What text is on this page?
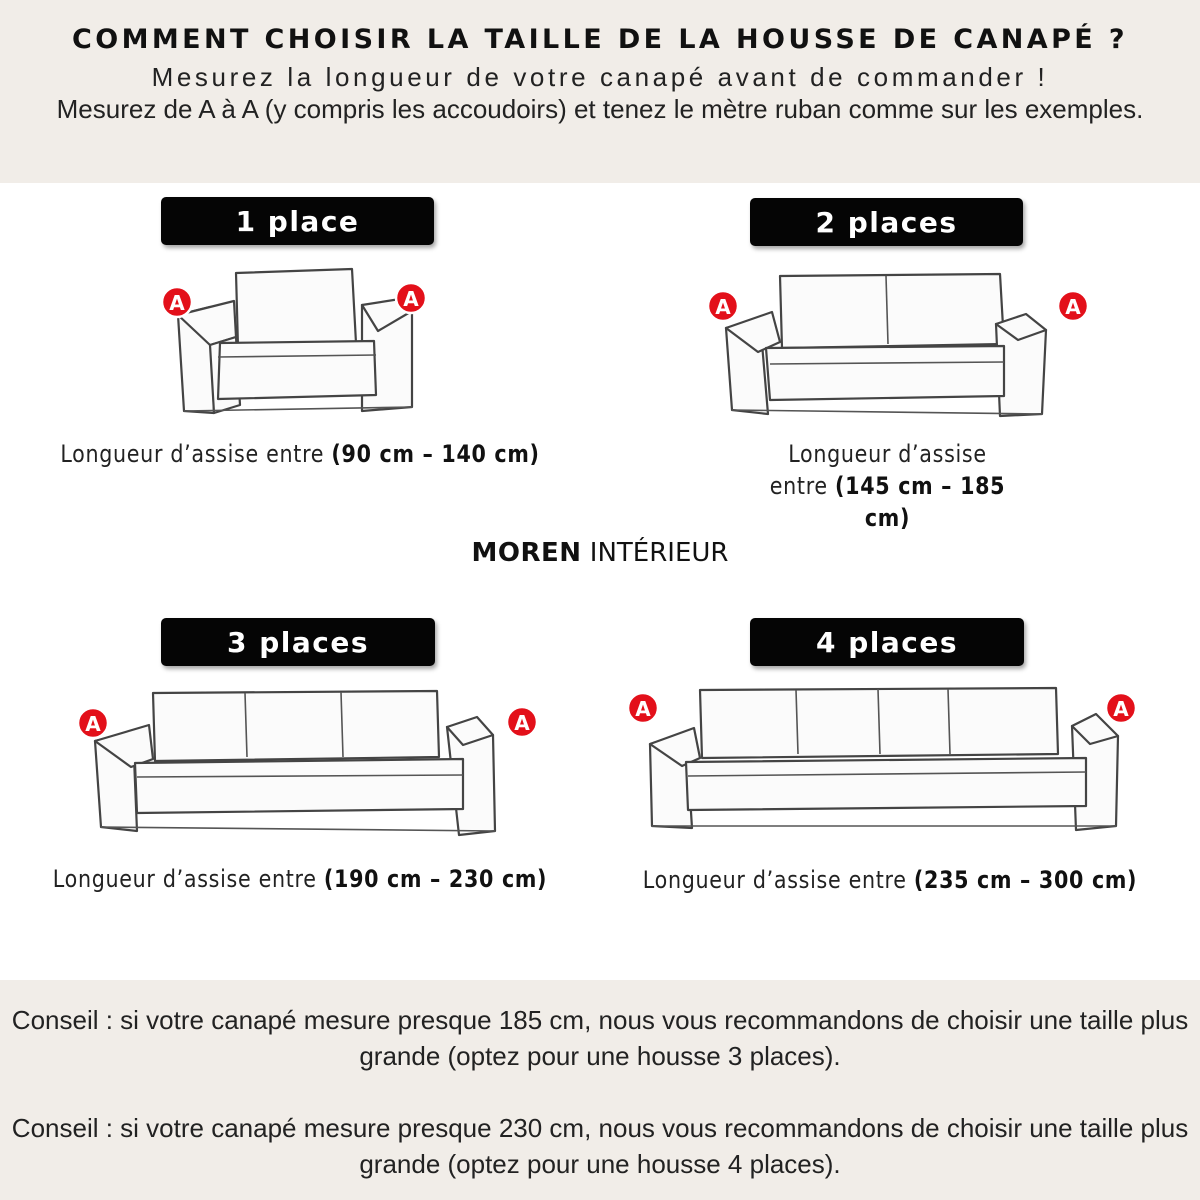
COMMENT CHOISIR LA TAILLE DE LA HOUSSE DE CANAPÉ ?
Mesurez la longueur de votre canapé avant de commander !
Mesurez de A à A (y compris les accoudoirs) et tenez le mètre ruban comme sur les exemples.
1 place	2 places
3 places	4 places
A	A	A	A
A	A
A	A
Longueur d’assise entre (90 cm – 140 cm)	Longueur d’assise entre (145 cm – 185 cm)
Longueur d’assise entre (190 cm – 230 cm)	Longueur d’assise entre (235 cm – 300 cm)
MOREN INTÉRIEUR
Conseil : si votre canapé mesure presque 185 cm, nous vous recommandons de choisir une taille plus grande (optez pour une housse 3 places).
Conseil : si votre canapé mesure presque 230 cm, nous vous recommandons de choisir une taille plus grande (optez pour une housse 4 places).
